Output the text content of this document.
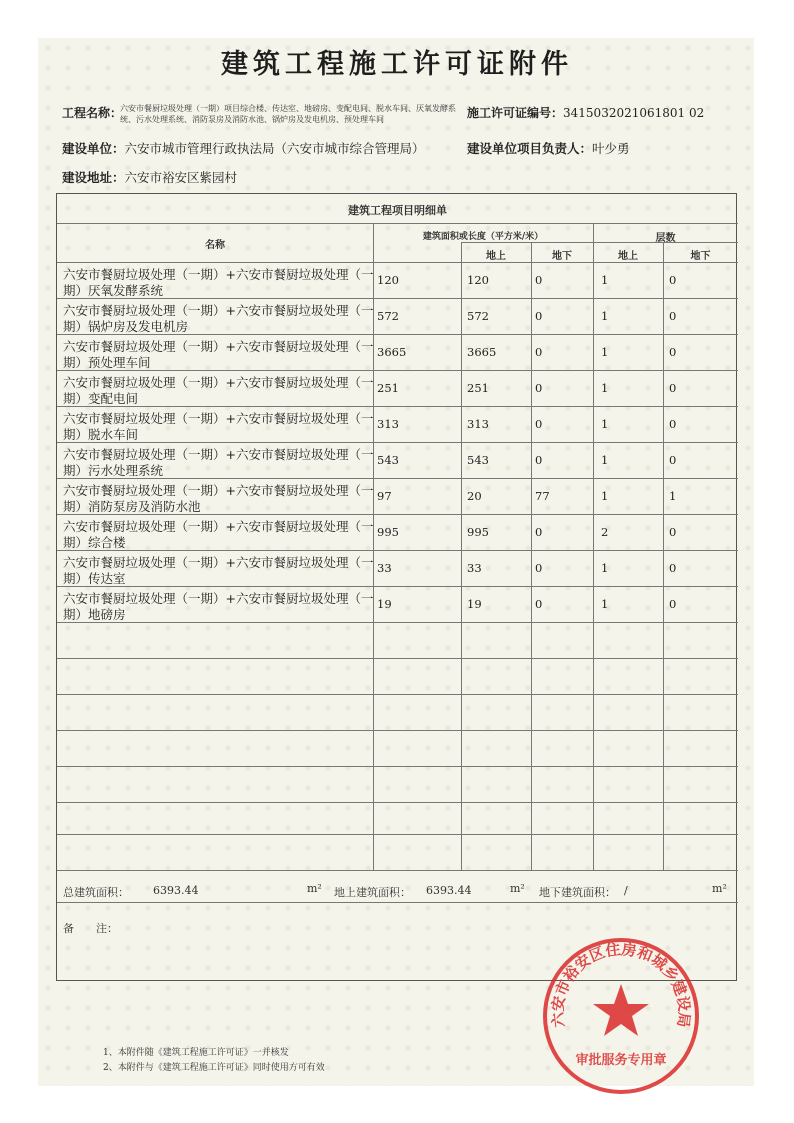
建筑工程施工许可证附件
工程名称：
六安市餐厨垃圾处理（一期）项目综合楼、传达室、地磅房、变配电间、脱水车间、厌氧发酵系统、污水处理系统、消防泵房及消防水池、锅炉房及发电机房、预处理车间	施工许可证编号：3415032021061801 02
建设单位：六安市城市管理行政执法局（六安市城市综合管理局）	建设单位项目负责人：叶少勇
建设地址：六安市裕安区紫园村
建筑工程项目明细单
名称
建筑面积或长度（平方米/米）	层数
地上	地下	地上	地下
六安市餐厨垃圾处理（一期）+六安市餐厨垃圾处理（一期）厌氧发酵系统
120	120	0	1	0
六安市餐厨垃圾处理（一期）+六安市餐厨垃圾处理（一期）锅炉房及发电机房
572	572	0	1	0
六安市餐厨垃圾处理（一期）+六安市餐厨垃圾处理（一期）预处理车间
3665	3665	0	1	0
六安市餐厨垃圾处理（一期）+六安市餐厨垃圾处理（一期）变配电间
251	251	0	1	0
六安市餐厨垃圾处理（一期）+六安市餐厨垃圾处理（一期）脱水车间
313	313	0	1	0
六安市餐厨垃圾处理（一期）+六安市餐厨垃圾处理（一期）污水处理系统
543	543	0	1	0
六安市餐厨垃圾处理（一期）+六安市餐厨垃圾处理（一期）消防泵房及消防水池
97	20	77	1	1
六安市餐厨垃圾处理（一期）+六安市餐厨垃圾处理（一期）综合楼
995	995	0	2	0
六安市餐厨垃圾处理（一期）+六安市餐厨垃圾处理（一期）传达室
33	33	0	1	0
六安市餐厨垃圾处理（一期）+六安市餐厨垃圾处理（一期）地磅房
19	19	0	1	0
总建筑面积： 6393.44	m² 地上建筑面积： 6393.44	m² 地下建筑面积： /	m²
备　　注：
六安市裕安区住房和城乡建设局
审批服务专用章
1、本附件随《建筑工程施工许可证》一并核发
2、本附件与《建筑工程施工许可证》同时使用方可有效
